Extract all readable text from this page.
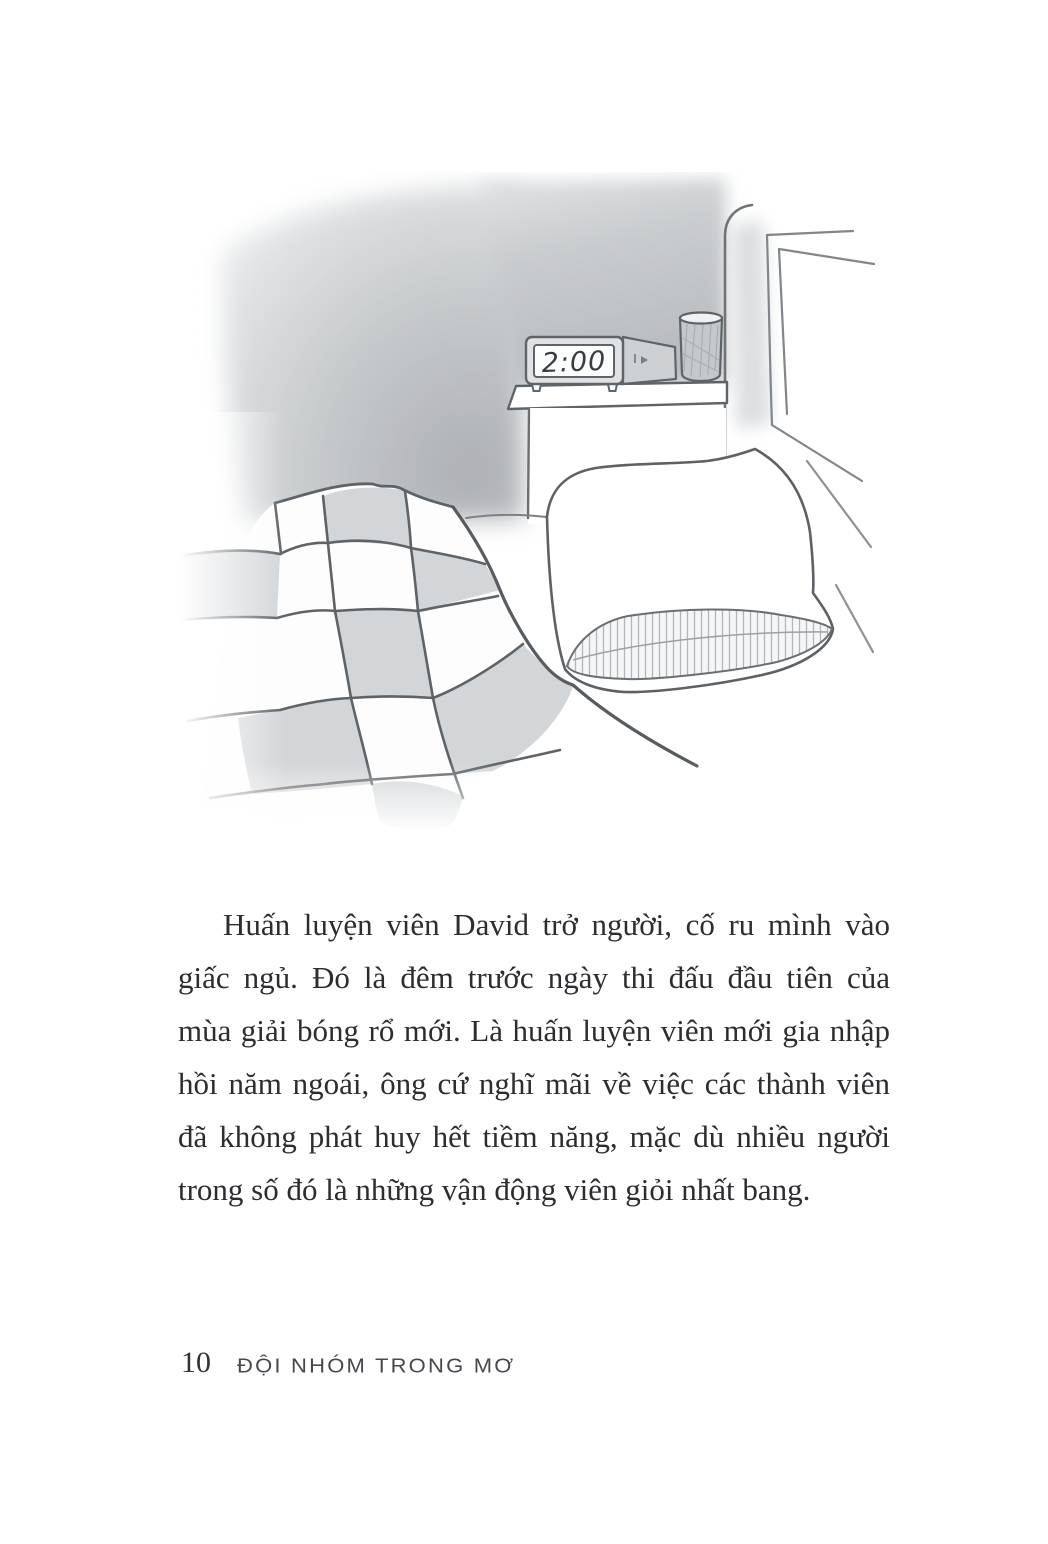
2:00
Huấn luyện viên David trở người, cố ru mình vào
giấc ngủ. Đó là đêm trước ngày thi đấu đầu tiên của
mùa giải bóng rổ mới. Là huấn luyện viên mới gia nhập
hồi năm ngoái, ông cứ nghĩ mãi về việc các thành viên
đã không phát huy hết tiềm năng, mặc dù nhiều người
trong số đó là những vận động viên giỏi nhất bang.
10 ĐỘI NHÓM TRONG MƠ
